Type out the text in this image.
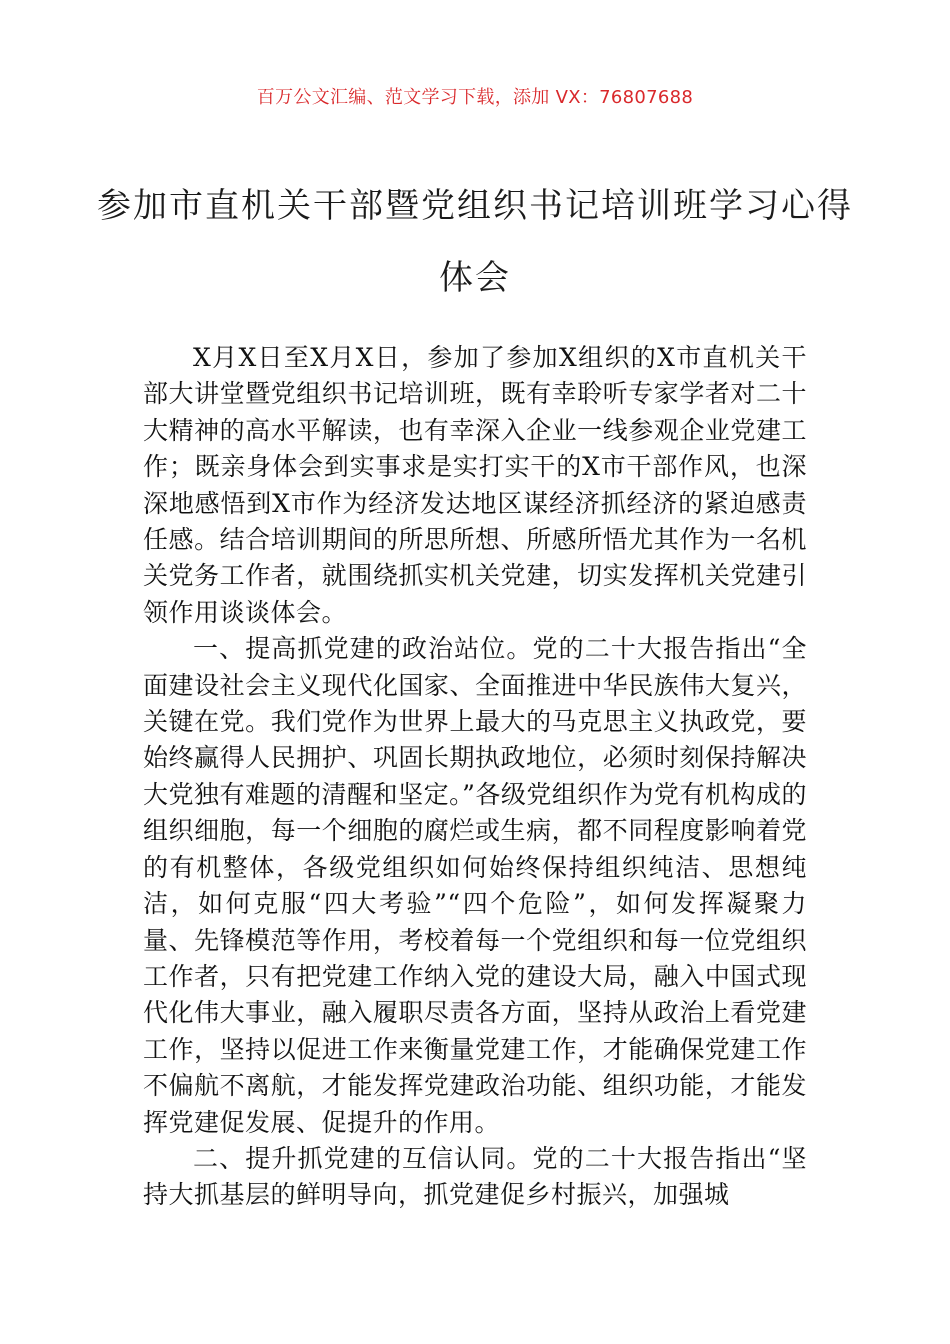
百万公文汇编、范文学习下载，添加 VX：76807688
参加市直机关干部暨党组织书记培训班学习心得体会

X月X日至X月X日，参加了参加X组织的X市直机关干部大讲堂暨党组织书记培训班，既有幸聆听专家学者对二十大精神的高水平解读，也有幸深入企业一线参观企业党建工作；既亲身体会到实事求是实打实干的X市干部作风，也深深地感悟到X市作为经济发达地区谋经济抓经济的紧迫感责任感。结合培训期间的所思所想、所感所悟尤其作为一名机关党务工作者，就围绕抓实机关党建，切实发挥机关党建引领作用谈谈体会。

一、提高抓党建的政治站位。党的二十大报告指出“全面建设社会主义现代化国家、全面推进中华民族伟大复兴，关键在党。我们党作为世界上最大的马克思主义执政党，要始终赢得人民拥护、巩固长期执政地位，必须时刻保持解决大党独有难题的清醒和坚定。”各级党组织作为党有机构成的组织细胞，每一个细胞的腐烂或生病，都不同程度影响着党的有机整体，各级党组织如何始终保持组织纯洁、思想纯洁，如何克服“四大考验”“四个危险”，如何发挥凝聚力量、先锋模范等作用，考校着每一个党组织和每一位党组织工作者，只有把党建工作纳入党的建设大局，融入中国式现代化伟大事业，融入履职尽责各方面，坚持从政治上看党建工作，坚持以促进工作来衡量党建工作，才能确保党建工作不偏航不离航，才能发挥党建政治功能、组织功能，才能发挥党建促发展、促提升的作用。

二、提升抓党建的互信认同。党的二十大报告指出“坚持大抓基层的鲜明导向，抓党建促乡村振兴，加强城
